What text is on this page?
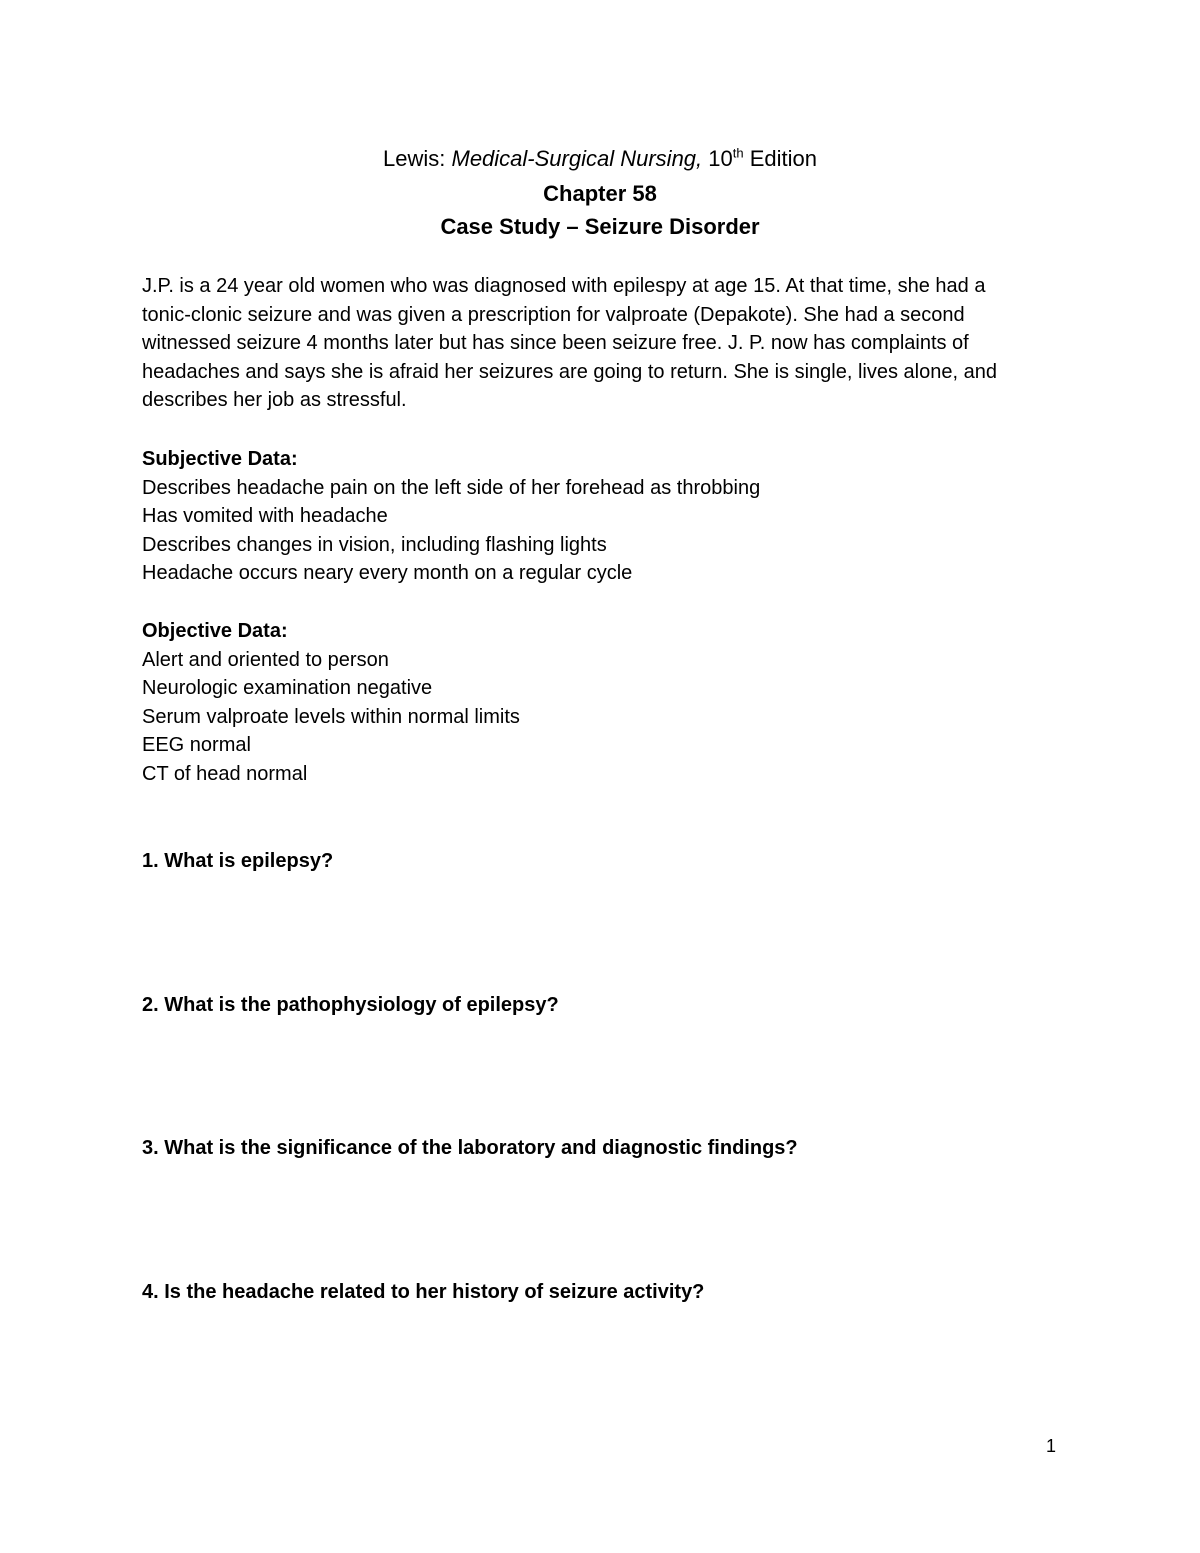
Lewis: Medical-Surgical Nursing, 10th Edition
Chapter 58
Case Study – Seizure Disorder
J.P. is a 24 year old women who was diagnosed with epilespy at age 15. At that time, she had a
tonic-clonic seizure and was given a prescription for valproate (Depakote). She had a second
witnessed seizure 4 months later but has since been seizure free. J. P. now has complaints of
headaches and says she is afraid her seizures are going to return. She is single, lives alone, and
describes her job as stressful.
Subjective Data:
Describes headache pain on the left side of her forehead as throbbing
Has vomited with headache
Describes changes in vision, including flashing lights
Headache occurs neary every month on a regular cycle
Objective Data:
Alert and oriented to person
Neurologic examination negative
Serum valproate levels within normal limits
EEG normal
CT of head normal
1. What is epilepsy?
2. What is the pathophysiology of epilepsy?
3. What is the significance of the laboratory and diagnostic findings?
4. Is the headache related to her history of seizure activity?
1
